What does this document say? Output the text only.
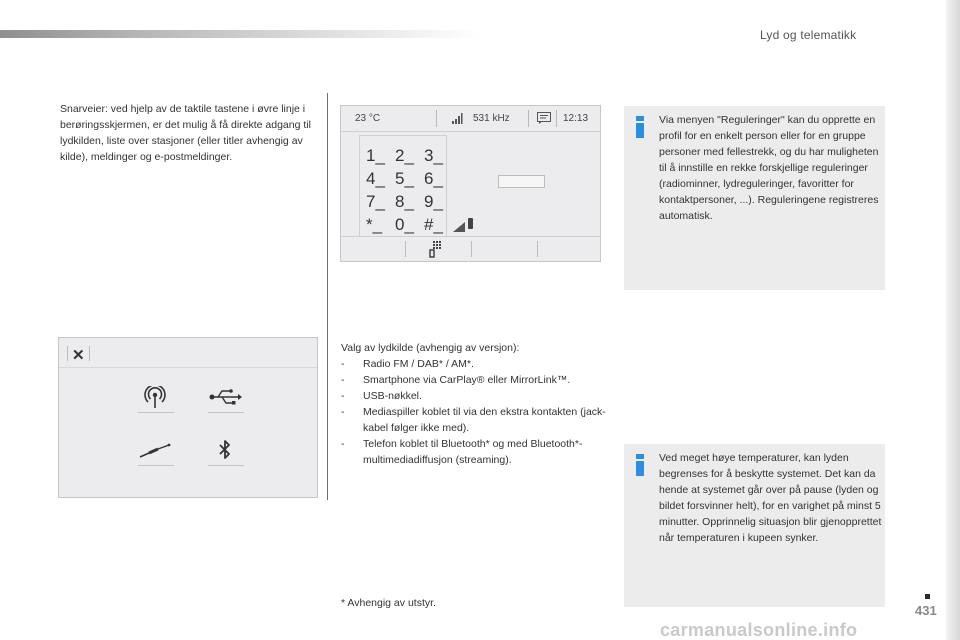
Lyd og telematikk

Snarveier: ved hjelp av de taktile tastene i øvre linje i berøringsskjermen, er det mulig å få direkte adgang til lydkilden, liste over stasjoner (eller titler avhengig av kilde), meldinger og e-postmeldinger.

23 °C	531 kHz	12:13
1_ 2_ 3_
4_ 5_ 6_
7_ 8_ 9_
*_ 0_ #_

Via menyen "Reguleringer" kan du opprette en profil for en enkelt person eller for en gruppe personer med fellestrekk, og du har muligheten til å innstille en rekke forskjellige reguleringer (radiominner, lydreguleringer, favoritter for kontaktpersoner, ...). Reguleringene registreres automatisk.

✕	Valg av lydkilde (avhengig av versjon):

-	Radio FM / DAB* / AM*.
-	Smartphone via CarPlay® eller MirrorLink™.
-	USB-nøkkel.
-	Mediaspiller koblet til via den ekstra kontakten (jack-kabel følger ikke med).
-	Telefon koblet til Bluetooth* og med Bluetooth*-multimediadiffusjon (streaming).	Ved meget høye temperaturer, kan lyden begrenses for å beskytte systemet. Det kan da hende at systemet går over på pause (lyden og bildet forsvinner helt), for en varighet på minst 5 minutter. Opprinnelig situasjon blir gjenopprettet når temperaturen i kupeen synker.

* Avhengig av utstyr.	431
carmanualsonline.info
